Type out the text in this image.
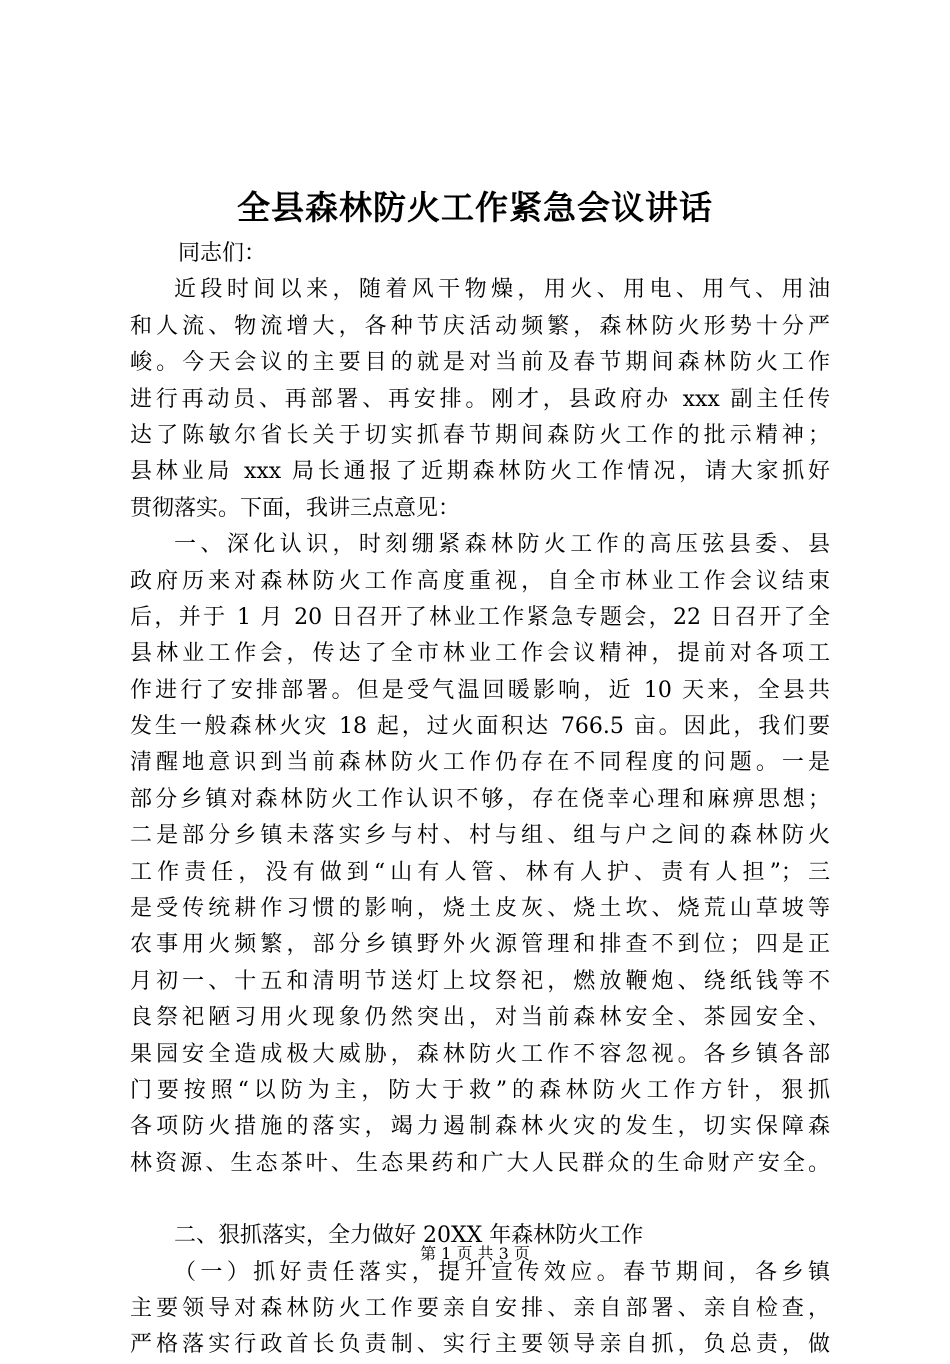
全县森林防火工作紧急会议讲话
同志们：
近段时间以来，随着风干物燥，用火、用电、用气、用油
和人流、物流增大，各种节庆活动频繁，森林防火形势十分严
峻。今天会议的主要目的就是对当前及春节期间森林防火工作
进行再动员、再部署、再安排。刚才，县政府办 xxx 副主任传
达了陈敏尔省长关于切实抓春节期间森防火工作的批示精神；
县林业局 xxx 局长通报了近期森林防火工作情况，请大家抓好
贯彻落实。下面，我讲三点意见：
一、深化认识，时刻绷紧森林防火工作的高压弦县委、县
政府历来对森林防火工作高度重视，自全市林业工作会议结束
后，并于 1 月 20 日召开了林业工作紧急专题会，22 日召开了全
县林业工作会，传达了全市林业工作会议精神，提前对各项工
作进行了安排部署。但是受气温回暖影响，近 10 天来，全县共
发生一般森林火灾 18 起，过火面积达 766.5 亩。因此，我们要
清醒地意识到当前森林防火工作仍存在不同程度的问题。一是
部分乡镇对森林防火工作认识不够，存在侥幸心理和麻痹思想；
二是部分乡镇未落实乡与村、村与组、组与户之间的森林防火
工作责任，没有做到“山有人管、林有人护、责有人担”；三
是受传统耕作习惯的影响，烧土皮灰、烧土坎、烧荒山草坡等
农事用火频繁，部分乡镇野外火源管理和排查不到位；四是正
月初一、十五和清明节送灯上坟祭祀，燃放鞭炮、绕纸钱等不
良祭祀陋习用火现象仍然突出，对当前森林安全、茶园安全、
果园安全造成极大威胁，森林防火工作不容忽视。各乡镇各部
门要按照“以防为主，防大于救”的森林防火工作方针，狠抓
各项防火措施的落实，竭力遏制森林火灾的发生，切实保障森
林资源、生态茶叶、生态果药和广大人民群众的生命财产安全。
二、狠抓落实，全力做好 20XX 年森林防火工作
（一）抓好责任落实，提升宣传效应。春节期间，各乡镇
主要领导对森林防火工作要亲自安排、亲自部署、亲自检查，
严格落实行政首长负责制、实行主要领导亲自抓，负总责，做
第 1 页 共 3 页
